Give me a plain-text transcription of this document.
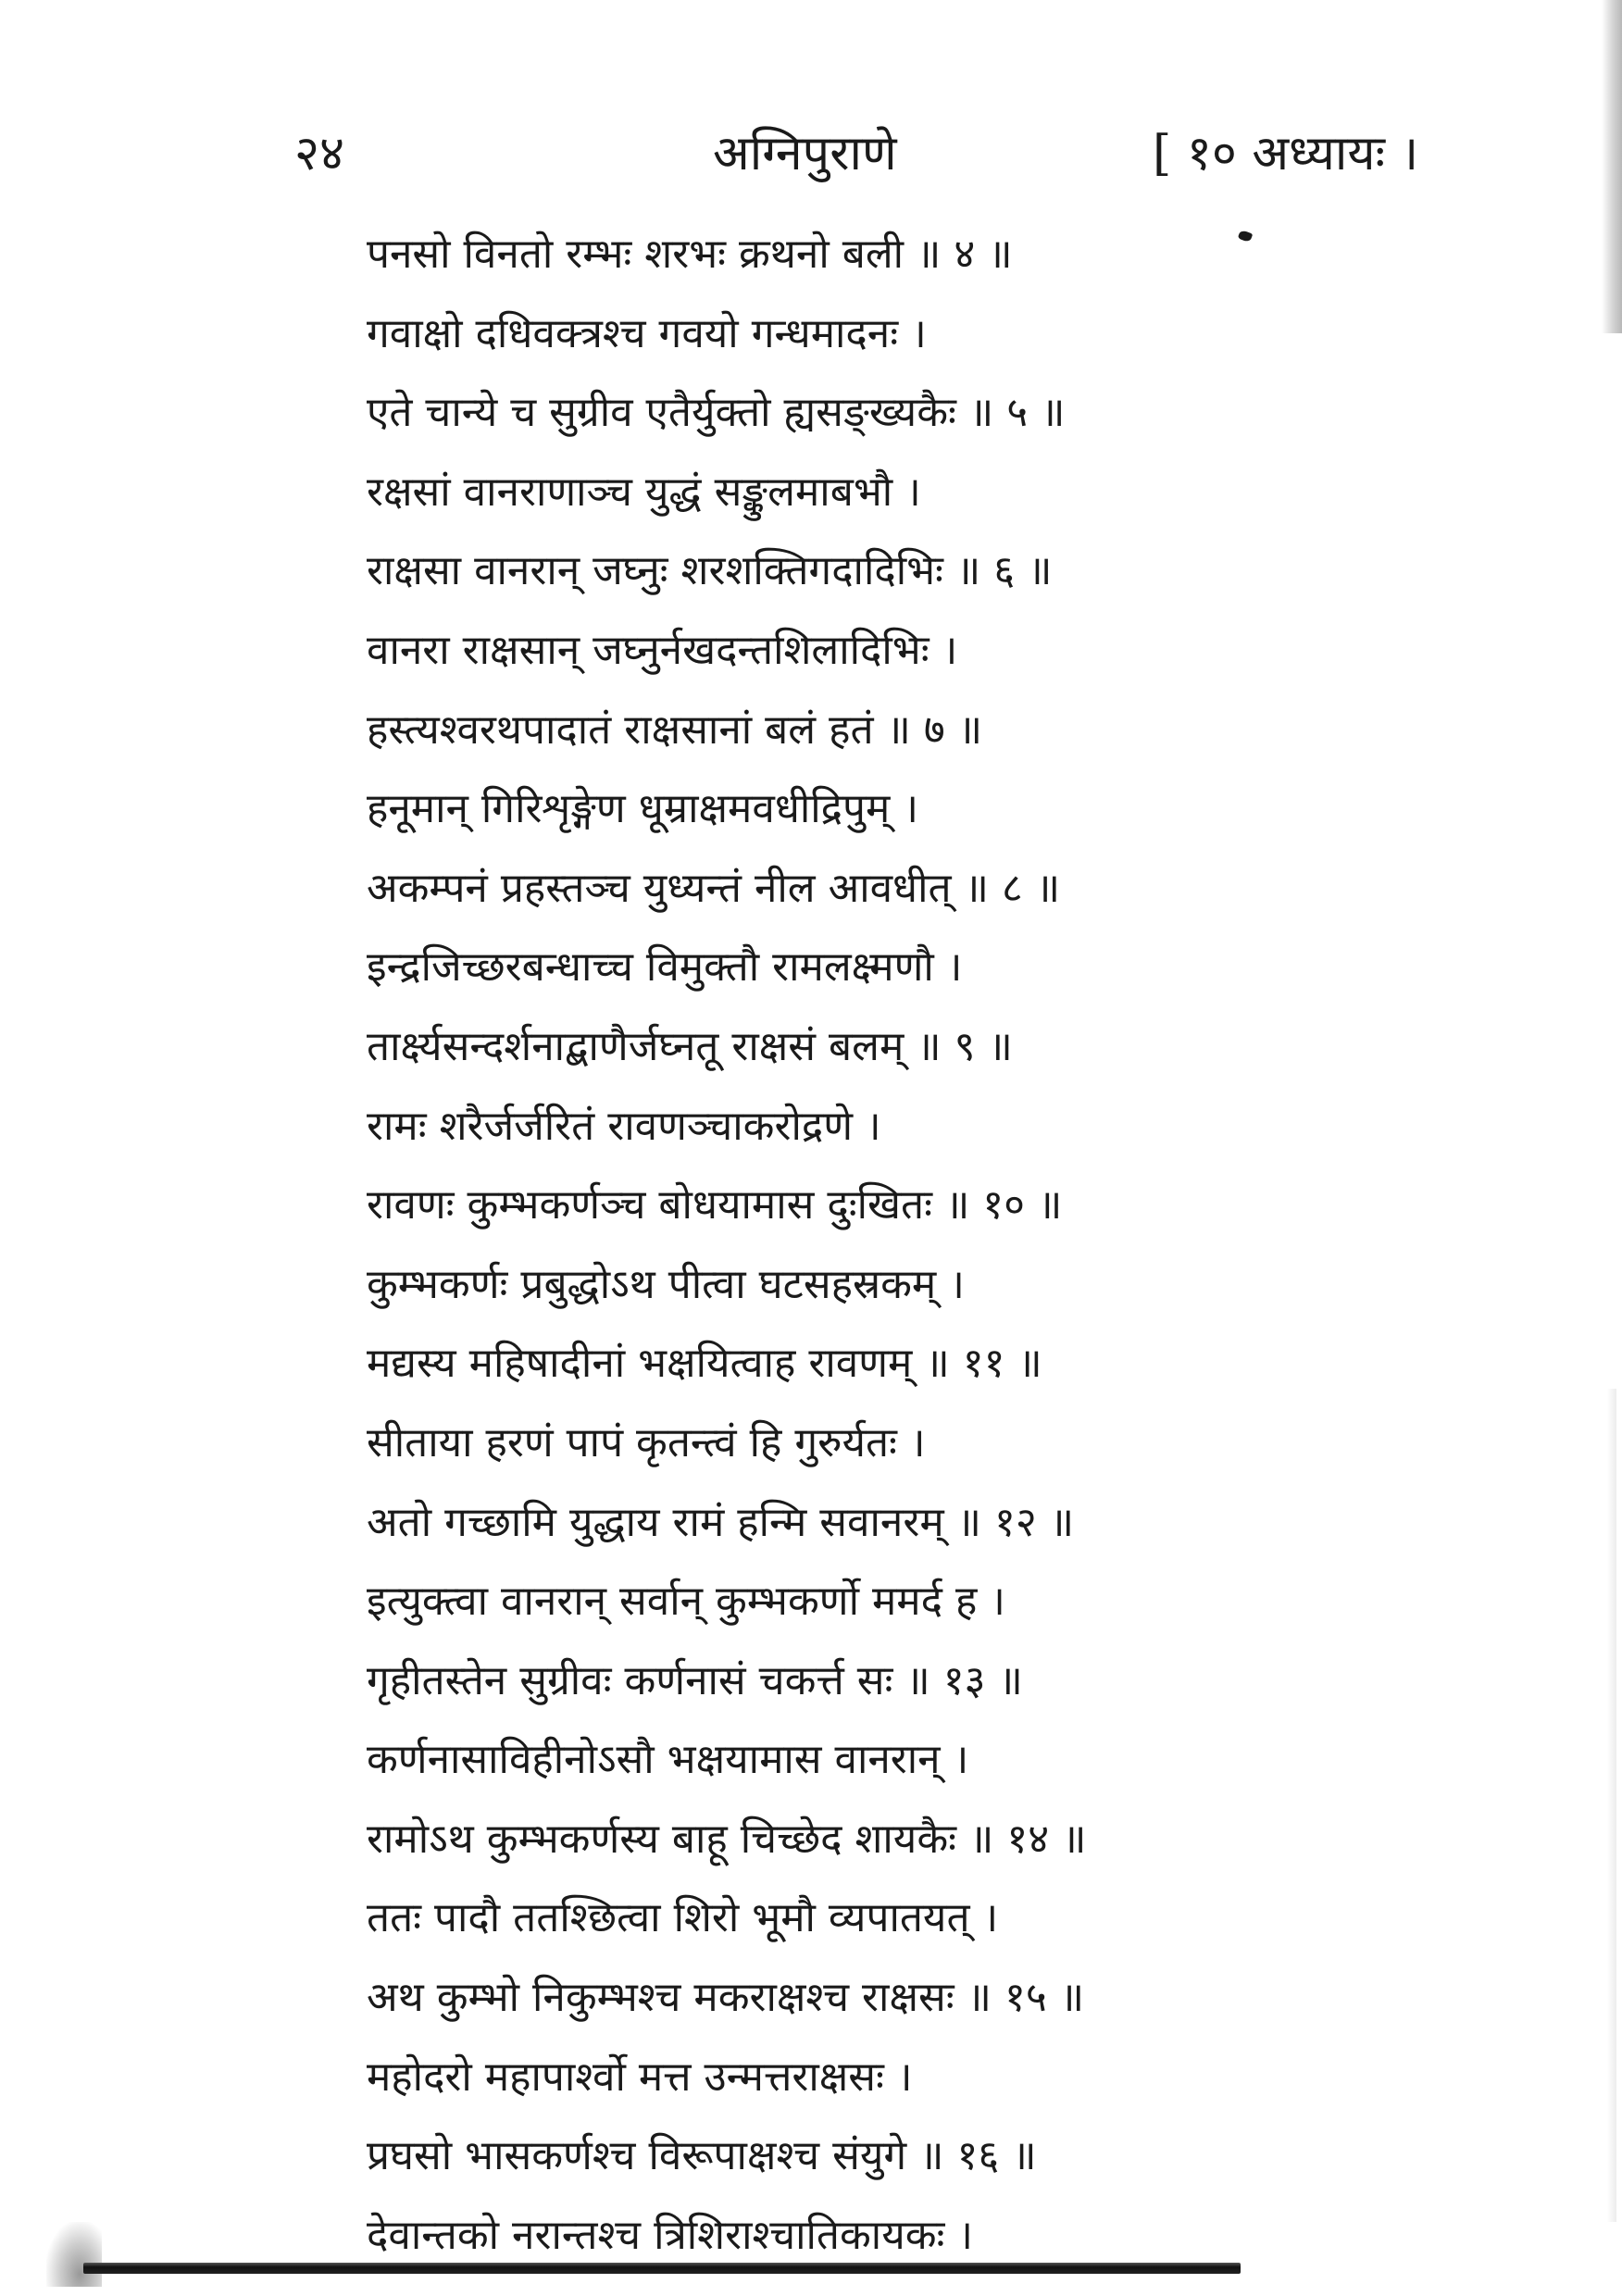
२४	अग्निपुराणे	[ १० अध्यायः ।
पनसो विनतो रम्भः शरभः क्रथनो बली ॥ ४ ॥
गवाक्षो दधिवक्त्रश्च गवयो गन्धमादनः ।
एते चान्ये च सुग्रीव एतैर्युक्तो ह्यसङ्ख्यकैः ॥ ५ ॥
रक्षसां वानराणाञ्च युद्धं सङ्कुलमाबभौ ।
राक्षसा वानरान् जघ्नुः शरशक्तिगदादिभिः ॥ ६ ॥
वानरा राक्षसान् जघ्नुर्नखदन्तशिलादिभिः ।
हस्त्यश्वरथपादातं राक्षसानां बलं हतं ॥ ७ ॥
हनूमान् गिरिशृङ्गेण धूम्राक्षमवधीद्रिपुम् ।
अकम्पनं प्रहस्तञ्च युध्यन्तं नील आवधीत् ॥ ८ ॥
इन्द्रजिच्छरबन्धाच्च विमुक्तौ रामलक्ष्मणौ ।
तार्क्ष्यसन्दर्शनाद्बाणैर्जघ्नतू राक्षसं बलम् ॥ ९ ॥
रामः शरैर्जर्जरितं रावणञ्चाकरोद्रणे ।
रावणः कुम्भकर्णञ्च बोधयामास दुःखितः ॥ १० ॥
कुम्भकर्णः प्रबुद्धोऽथ पीत्वा घटसहस्रकम् ।
मद्यस्य महिषादीनां भक्षयित्वाह रावणम् ॥ ११ ॥
सीताया हरणं पापं कृतन्त्वं हि गुरुर्यतः ।
अतो गच्छामि युद्धाय रामं हन्मि सवानरम् ॥ १२ ॥
इत्युक्त्वा वानरान् सर्वान् कुम्भकर्णो ममर्द ह ।
गृहीतस्तेन सुग्रीवः कर्णनासं चकर्त्त सः ॥ १३ ॥
कर्णनासाविहीनोऽसौ भक्षयामास वानरान् ।
रामोऽथ कुम्भकर्णस्य बाहू चिच्छेद शायकैः ॥ १४ ॥
ततः पादौ ततश्छित्वा शिरो भूमौ व्यपातयत् ।
अथ कुम्भो निकुम्भश्च मकराक्षश्च राक्षसः ॥ १५ ॥
महोदरो महापार्श्वो मत्त उन्मत्तराक्षसः ।
प्रघसो भासकर्णश्च विरूपाक्षश्च संयुगे ॥ १६ ॥
देवान्तको नरान्तश्च त्रिशिराश्चातिकायकः ।
